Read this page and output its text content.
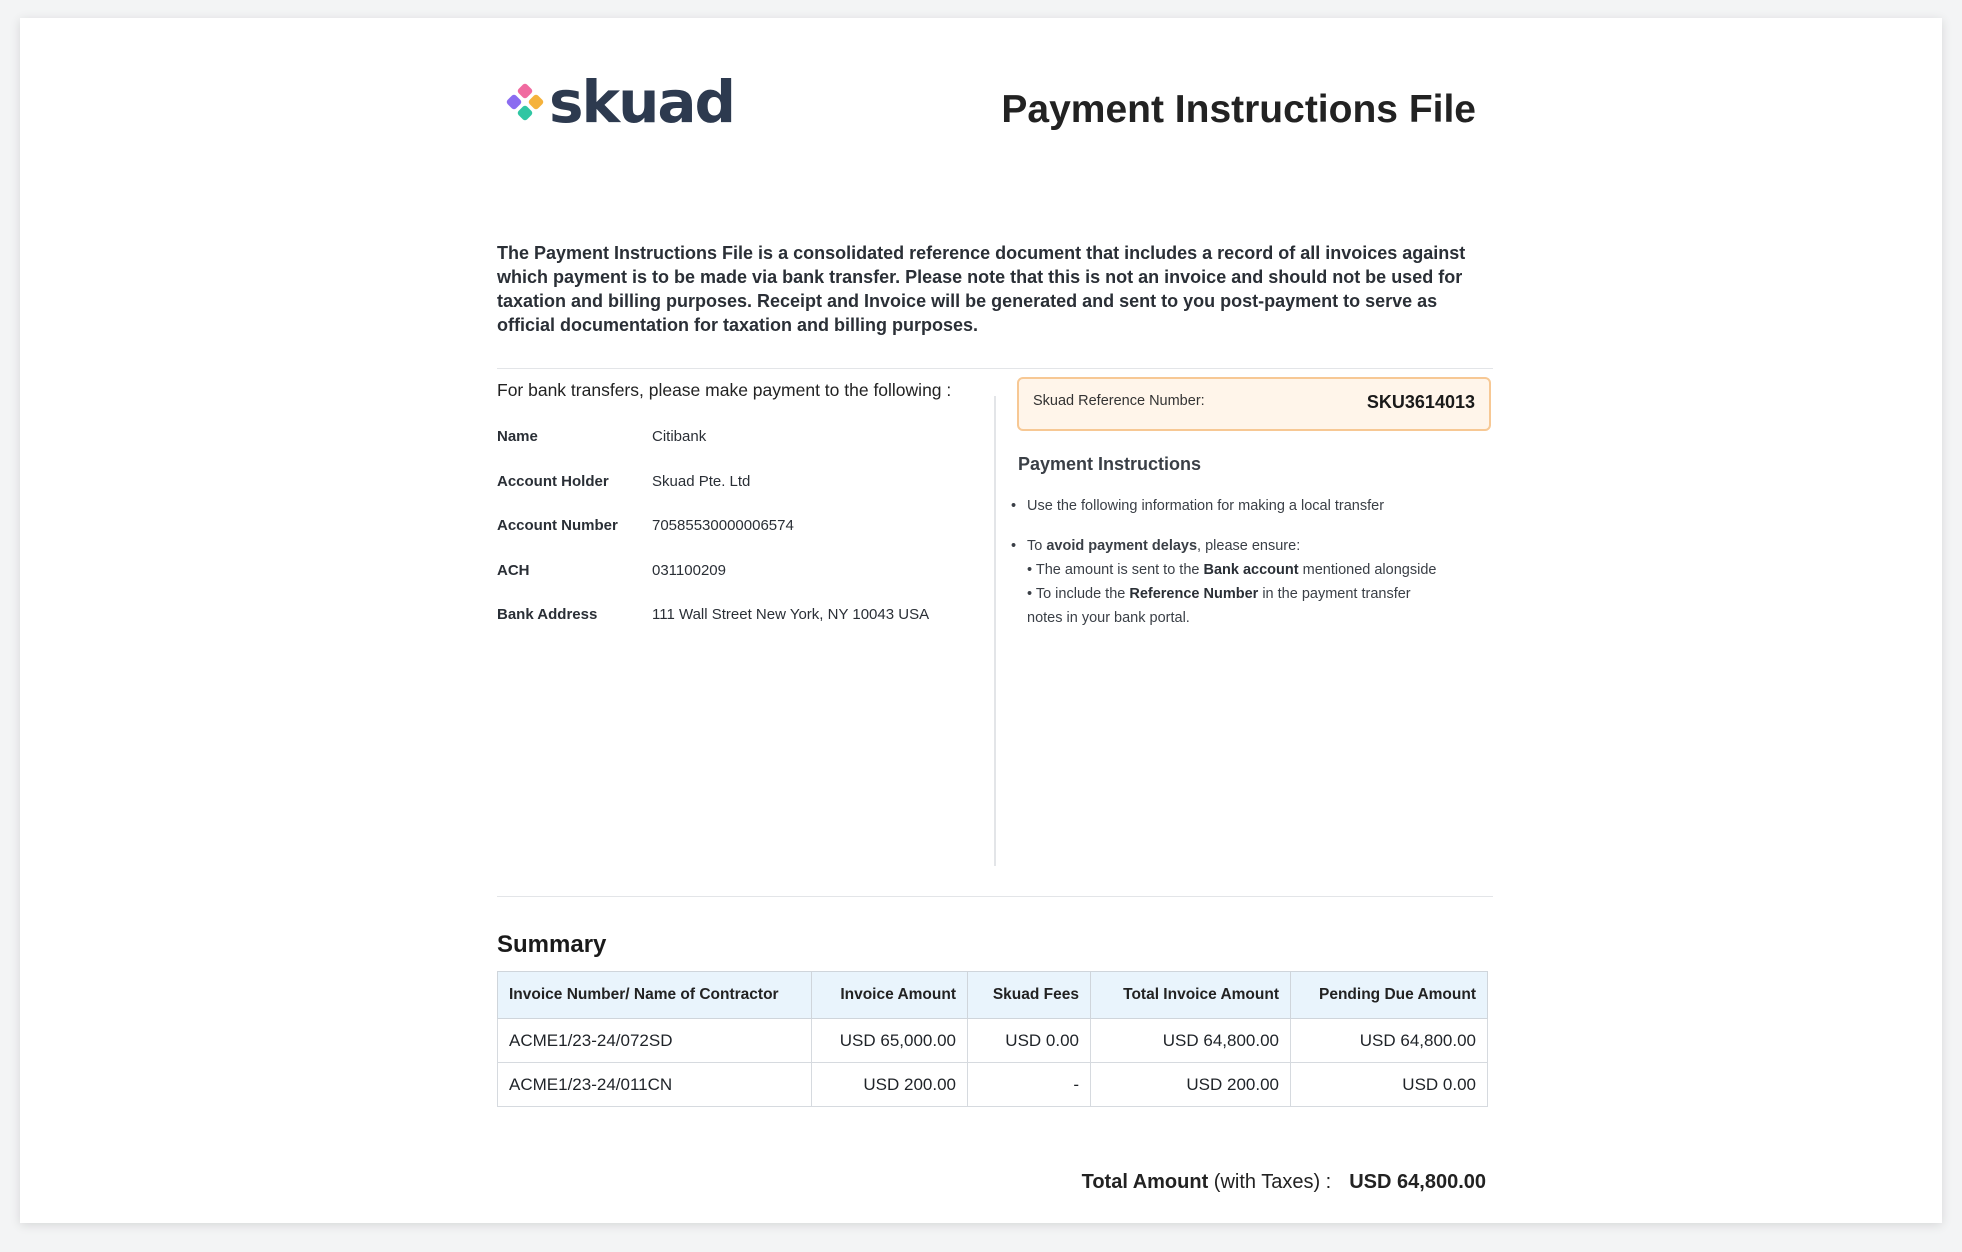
skuad	Payment Instructions File
The Payment Instructions File is a consolidated reference document that includes a record of all invoices against which payment is to be made via bank transfer. Please note that this is not an invoice and should not be used for taxation and billing purposes. Receipt and Invoice will be generated and sent to you post-payment to serve as official documentation for taxation and billing purposes.
For bank transfers, please make payment to the following :
Name	Citibank
Account Holder	Skuad Pte. Ltd
Account Number 70585530000006574
ACH	031100209
Bank Address	111 Wall Street New York, NY 10043 USA
Skuad Reference Number:	SKU3614013
Payment Instructions
• Use the following information for making a local transfer
• To avoid payment delays, please ensure:
• The amount is sent to the Bank account mentioned alongside
• To include the Reference Number in the payment transfer
notes in your bank portal.
Summary
Invoice Number/ Name of Contractor	Invoice Amount	Skuad Fees	Total Invoice Amount	Pending Due Amount
ACME1/23-24/072SD	USD 65,000.00	USD 0.00	USD 64,800.00	USD 64,800.00
ACME1/23-24/011CN	USD 200.00	-	USD 200.00	USD 0.00
Total Amount (with Taxes) : USD 64,800.00
